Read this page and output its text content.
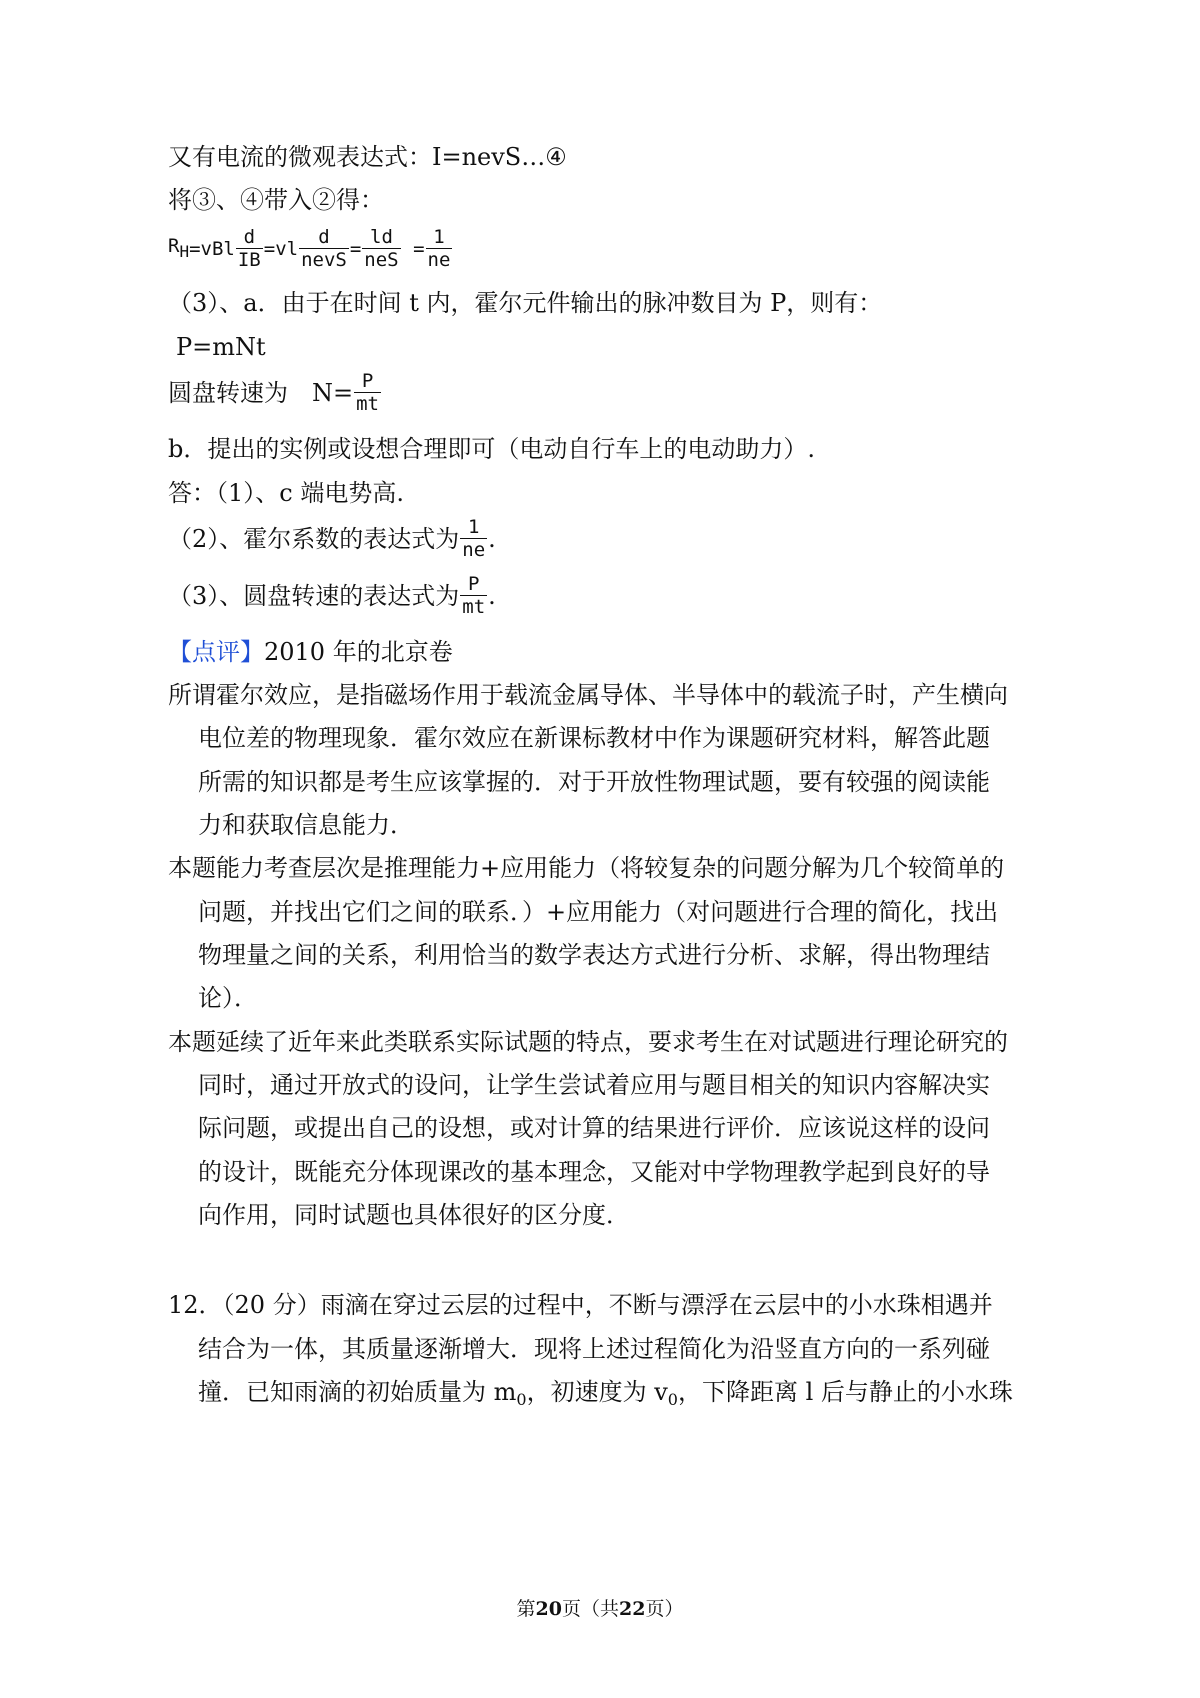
又有电流的微观表达式：I=nevS…④
将③、④带入②得：
$R_H =vBl \frac{d}{IB} =vl \frac{d}{\text{nevS}} = \frac{ld}{\text{neS}} = \frac{1}{ne}$
（3）、a．由于在时间 t 内，霍尔元件输出的脉冲数目为 P，则有：
P=mNt
圆盘转速为　$N= \frac{P}{mt}$
b．提出的实例或设想合理即可（电动自行车上的电动助力）.
答：（1）、c 端电势高.
（2）、霍尔系数的表达式为 $\frac{1}{ne}$ .
（3）、圆盘转速的表达式为 $\frac{P}{mt}$ .
【点评】2010 年的北京卷
所谓霍尔效应，是指磁场作用于载流金属导体、半导体中的载流子时，产生横向
电位差的物理现象．霍尔效应在新课标教材中作为课题研究材料，解答此题
所需的知识都是考生应该掌握的．对于开放性物理试题，要有较强的阅读能
力和获取信息能力．
本题能力考查层次是推理能力+应用能力（将较复杂的问题分解为几个较简单的
问题，并找出它们之间的联系．）+应用能力（对问题进行合理的简化，找出
物理量之间的关系，利用恰当的数学表达方式进行分析、求解，得出物理结
论）．
本题延续了近年来此类联系实际试题的特点，要求考生在对试题进行理论研究的
同时，通过开放式的设问，让学生尝试着应用与题目相关的知识内容解决实
际问题，或提出自己的设想，或对计算的结果进行评价．应该说这样的设问
的设计，既能充分体现课改的基本理念，又能对中学物理教学起到良好的导
向作用，同时试题也具体很好的区分度．
12．（20 分）雨滴在穿过云层的过程中，不断与漂浮在云层中的小水珠相遇并
结合为一体，其质量逐渐增大．现将上述过程简化为沿竖直方向的一系列碰
撞．已知雨滴的初始质量为 $m_0$，初速度为 $v_0$，下降距离 l 后与静止的小水珠
第20页（共22页）
